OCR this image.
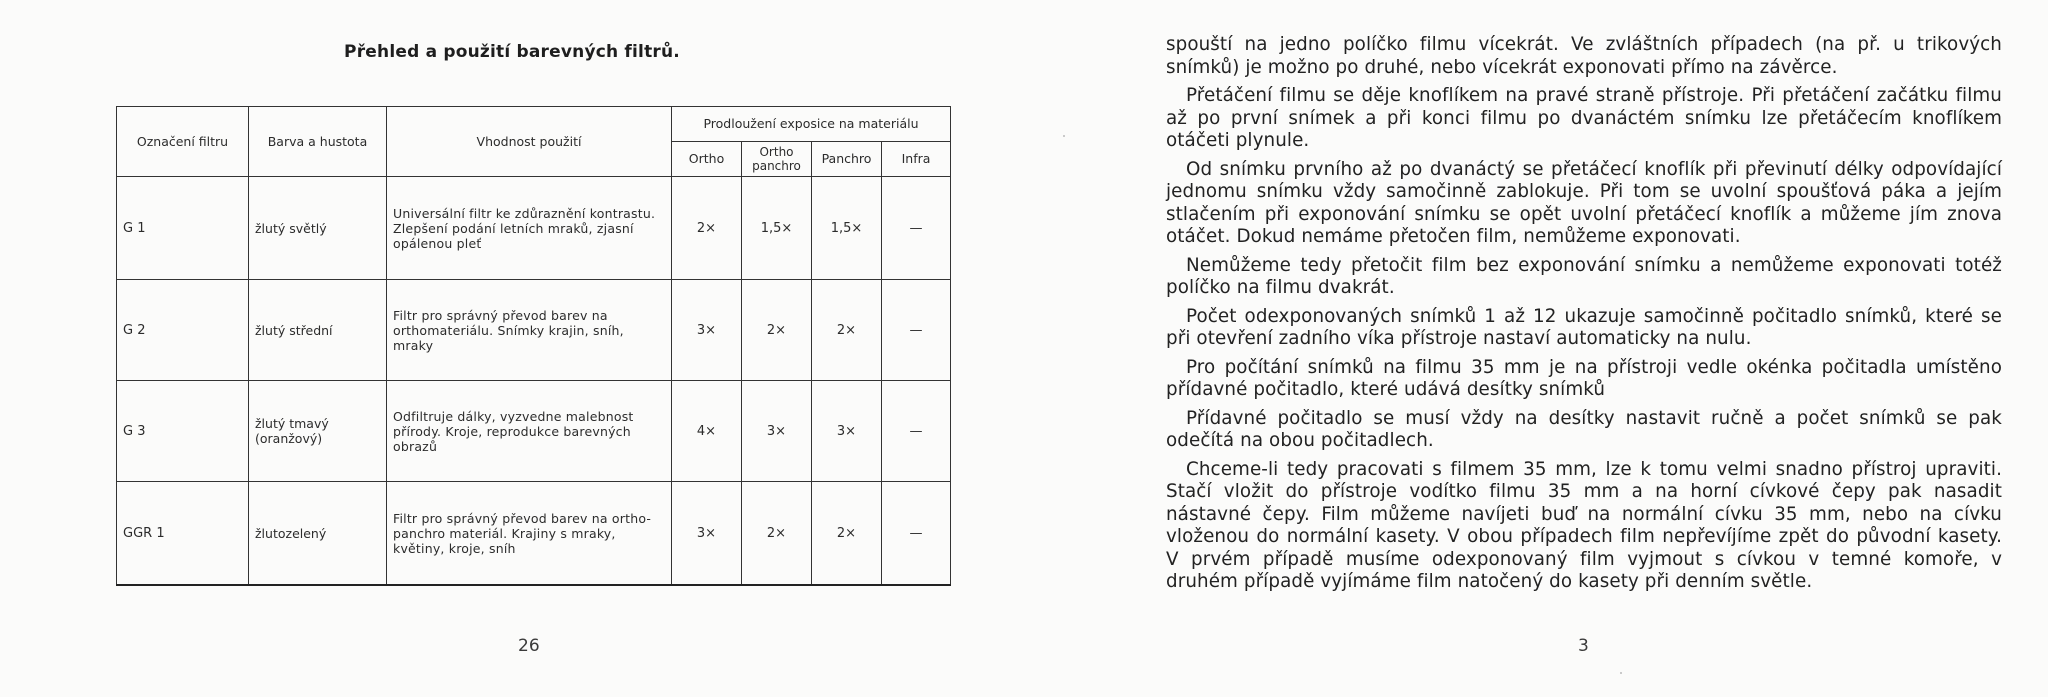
Přehled a použití barevných filtrů.
Označení filtru	Barva a hustota	Vhodnost použití	Prodloužení exposice na materiálu			
			Ortho	Ortho panchro	Panchro	Infra
G 1	žlutý světlý	Universální filtr ke zdůraznění kontrastu. Zlepšení podání letních mraků, zjasní opálenou pleť	2×	1,5×	1,5×	—
G 2	žlutý střední	Filtr pro správný převod barev na orthomateriálu. Snímky krajin, sníh, mraky	3×	2×	2×	—
G 3	žlutý tmavý (oranžový)	Odfiltruje dálky, vyzvedne malebnost přírody. Kroje, reprodukce barevných obrazů	4×	3×	3×	—
GGR 1	žlutozelený	Filtr pro správný převod barev na ortho-panchro materiál. Krajiny s mraky, květiny, kroje, sníh	3×	2×	2×	—
26	3

spouští na jedno políčko filmu vícekrát. Ve zvláštních případech (na př. u trikových snímků) je možno po druhé, nebo vícekrát exponovati přímo na závěrce.

Přetáčení filmu se děje knoflíkem na pravé straně přístroje. Při přetáčení začátku filmu až po první snímek a při konci filmu po dvanáctém snímku lze přetáčecím knoflíkem otáčeti plynule.

Od snímku prvního až po dvanáctý se přetáčecí knoflík při převinutí délky odpovídající jednomu snímku vždy samočinně zablokuje. Při tom se uvolní spoušťová páka a jejím stlačením při exponování snímku se opět uvolní přetáčecí knoflík a můžeme jím znova otáčet. Dokud nemáme přetočen film, nemůžeme exponovati.

Nemůžeme tedy přetočit film bez exponování snímku a nemůžeme exponovati totéž políčko na filmu dvakrát.

Počet odexponovaných snímků 1 až 12 ukazuje samočinně počitadlo snímků, které se při otevření zadního víka přístroje nastaví automaticky na nulu.

Pro počítání snímků na filmu 35 mm je na přístroji vedle okénka počitadla umístěno přídavné počitadlo, které udává desítky snímků

Přídavné počitadlo se musí vždy na desítky nastavit ručně a počet snímků se pak odečítá na obou počitadlech.

Chceme-li tedy pracovati s filmem 35 mm, lze k tomu velmi snadno přístroj upraviti. Stačí vložit do přístroje vodítko filmu 35 mm a na horní cívkové čepy pak nasadit nástavné čepy. Film můžeme navíjeti buď na normální cívku 35 mm, nebo na cívku vloženou do normální kasety. V obou případech film nepřevíjíme zpět do původní kasety. V prvém případě musíme odexponovaný film vyjmout s cívkou v temné komoře, v druhém případě vyjímáme film natočený do kasety při denním světle.
